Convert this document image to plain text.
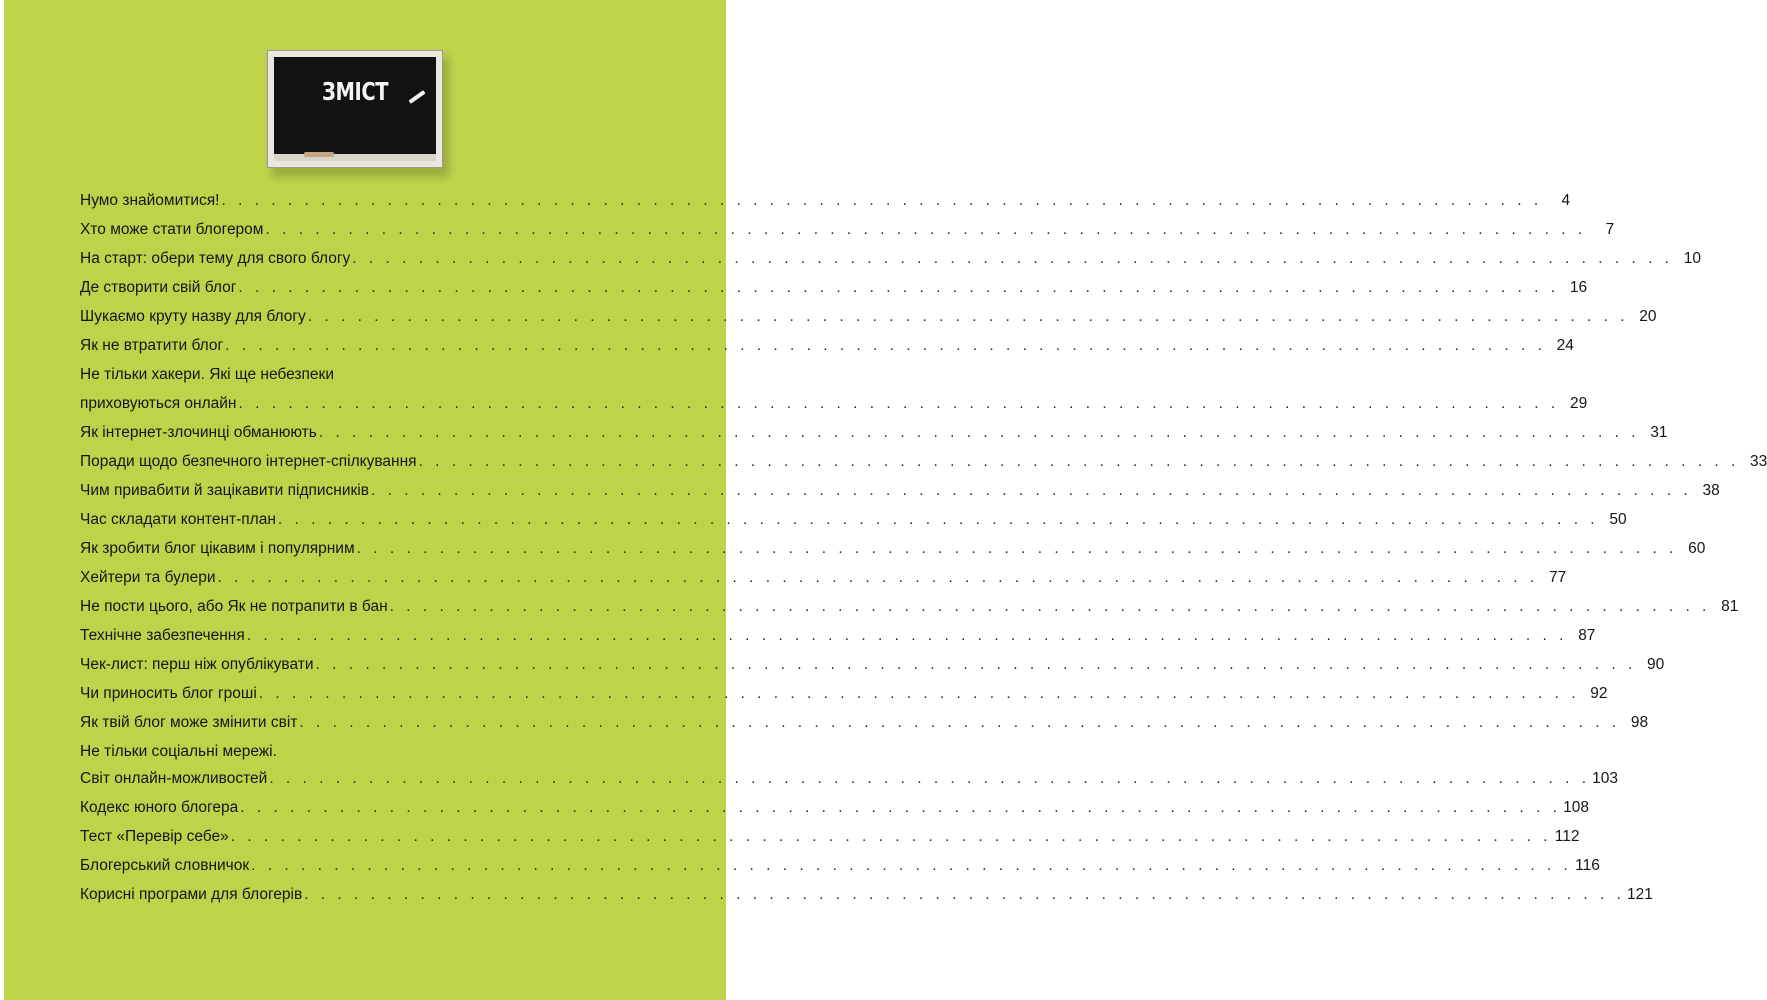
ЗМІСТ
Нумо знайомитися! . . . . . . . . . . . . . . . . . . . . . . . . . . . . . . . . . . . . . . . . . . . . . . . . . . . . . . . . . . . . . . . . . . . . . . . . . . . . . . . .	4
Хто може стати блогером . . . . . . . . . . . . . . . . . . . . . . . . . . . . . . . . . . . . . . . . . . . . . . . . . . . . . . . . . . . . . . . . . . . . . . . . . . . . . . . .	7
На старт: обери тему для свого блогу . . . . . . . . . . . . . . . . . . . . . . . . . . . . . . . . . . . . . . . . . . . . . . . . . . . . . . . . . . . . . . . . . . . . . . . . . . . . . . . . 10
Де створити свій блог . . . . . . . . . . . . . . . . . . . . . . . . . . . . . . . . . . . . . . . . . . . . . . . . . . . . . . . . . . . . . . . . . . . . . . . . . . . . . . . . 16
Шукаємо круту назву для блогу . . . . . . . . . . . . . . . . . . . . . . . . . . . . . . . . . . . . . . . . . . . . . . . . . . . . . . . . . . . . . . . . . . . . . . . . . . . . . . . . 20
Як не втратити блог . . . . . . . . . . . . . . . . . . . . . . . . . . . . . . . . . . . . . . . . . . . . . . . . . . . . . . . . . . . . . . . . . . . . . . . . . . . . . . . . 24
Не тільки хакери. Які ще небезпеки
приховуються онлайн . . . . . . . . . . . . . . . . . . . . . . . . . . . . . . . . . . . . . . . . . . . . . . . . . . . . . . . . . . . . . . . . . . . . . . . . . . . . . . . . 29
Як інтернет-злочинці обманюють . . . . . . . . . . . . . . . . . . . . . . . . . . . . . . . . . . . . . . . . . . . . . . . . . . . . . . . . . . . . . . . . . . . . . . . . . . . . . . . . 31
Поради щодо безпечного інтернет-спілкування . . . . . . . . . . . . . . . . . . . . . . . . . . . . . . . . . . . . . . . . . . . . . . . . . . . . . . . . . . . . . . . . . . . . . . . . . . . . . . . . 33
Чим привабити й зацікавити підписників . . . . . . . . . . . . . . . . . . . . . . . . . . . . . . . . . . . . . . . . . . . . . . . . . . . . . . . . . . . . . . . . . . . . . . . . . . . . . . . . 38
Час складати контент-план . . . . . . . . . . . . . . . . . . . . . . . . . . . . . . . . . . . . . . . . . . . . . . . . . . . . . . . . . . . . . . . . . . . . . . . . . . . . . . . . 50
Як зробити блог цікавим і популярним . . . . . . . . . . . . . . . . . . . . . . . . . . . . . . . . . . . . . . . . . . . . . . . . . . . . . . . . . . . . . . . . . . . . . . . . . . . . . . . . 60
Хейтери та булери . . . . . . . . . . . . . . . . . . . . . . . . . . . . . . . . . . . . . . . . . . . . . . . . . . . . . . . . . . . . . . . . . . . . . . . . . . . . . . . . 77
Не пости цього, або Як не потрапити в бан . . . . . . . . . . . . . . . . . . . . . . . . . . . . . . . . . . . . . . . . . . . . . . . . . . . . . . . . . . . . . . . . . . . . . . . . . . . . . . . . 81
Технічне забезпечення . . . . . . . . . . . . . . . . . . . . . . . . . . . . . . . . . . . . . . . . . . . . . . . . . . . . . . . . . . . . . . . . . . . . . . . . . . . . . . . . 87
Чек-лист: перш ніж опублікувати . . . . . . . . . . . . . . . . . . . . . . . . . . . . . . . . . . . . . . . . . . . . . . . . . . . . . . . . . . . . . . . . . . . . . . . . . . . . . . . . 90
Чи приносить блог гроші . . . . . . . . . . . . . . . . . . . . . . . . . . . . . . . . . . . . . . . . . . . . . . . . . . . . . . . . . . . . . . . . . . . . . . . . . . . . . . . . 92
Як твій блог може змінити світ . . . . . . . . . . . . . . . . . . . . . . . . . . . . . . . . . . . . . . . . . . . . . . . . . . . . . . . . . . . . . . . . . . . . . . . . . . . . . . . . 98
Не тільки соціальні мережі.
Світ онлайн-можливостей . . . . . . . . . . . . . . . . . . . . . . . . . . . . . . . . . . . . . . . . . . . . . . . . . . . . . . . . . . . . . . . . . . . . . . . . . . . . . . . . 103
Кодекс юного блогера . . . . . . . . . . . . . . . . . . . . . . . . . . . . . . . . . . . . . . . . . . . . . . . . . . . . . . . . . . . . . . . . . . . . . . . . . . . . . . . . 108
Тест «Перевір себе» . . . . . . . . . . . . . . . . . . . . . . . . . . . . . . . . . . . . . . . . . . . . . . . . . . . . . . . . . . . . . . . . . . . . . . . . . . . . . . . . 112
Блогерський словничок . . . . . . . . . . . . . . . . . . . . . . . . . . . . . . . . . . . . . . . . . . . . . . . . . . . . . . . . . . . . . . . . . . . . . . . . . . . . . . . . 116
Корисні програми для блогерів . . . . . . . . . . . . . . . . . . . . . . . . . . . . . . . . . . . . . . . . . . . . . . . . . . . . . . . . . . . . . . . . . . . . . . . . . . . . . . . . 121
